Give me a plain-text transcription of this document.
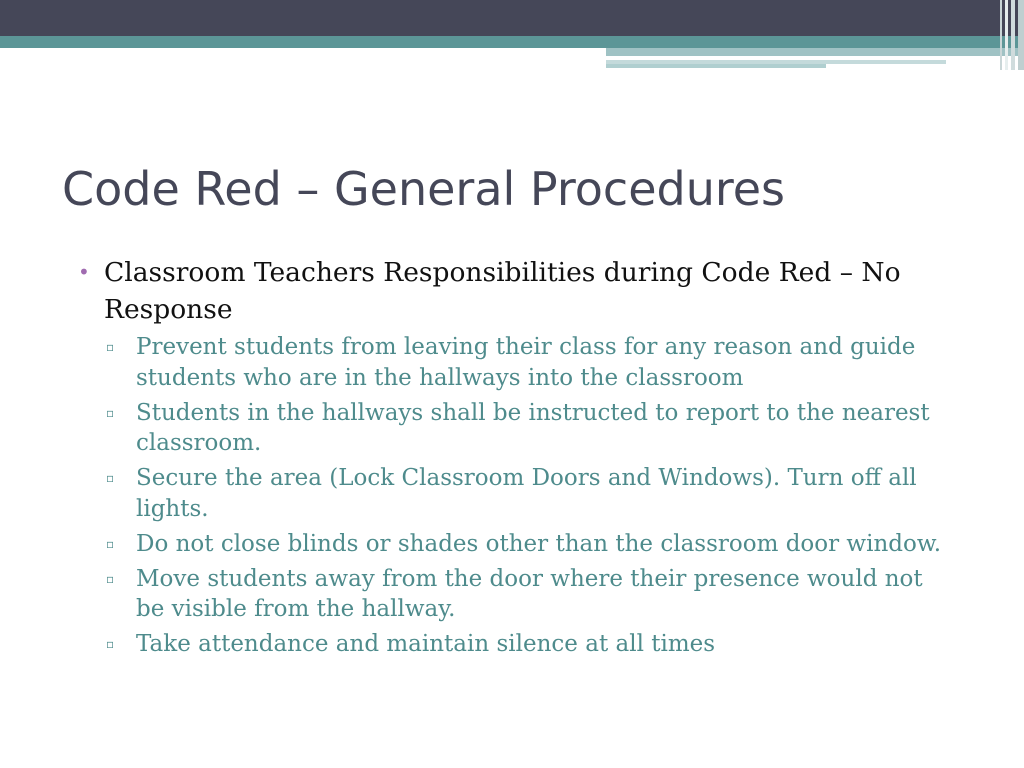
Code Red – General Procedures
• Classroom Teachers Responsibilities during Code Red – No Response
▫ Prevent students from leaving their class for any reason and guide students who are in the hallways into the classroom
▫ Students in the hallways shall be instructed to report to the nearest classroom.
▫ Secure the area (Lock Classroom Doors and Windows). Turn off all lights.
▫ Do not close blinds or shades other than the classroom door window.
▫ Move students away from the door where their presence would not be visible from the hallway.
▫ Take attendance and maintain silence at all times
